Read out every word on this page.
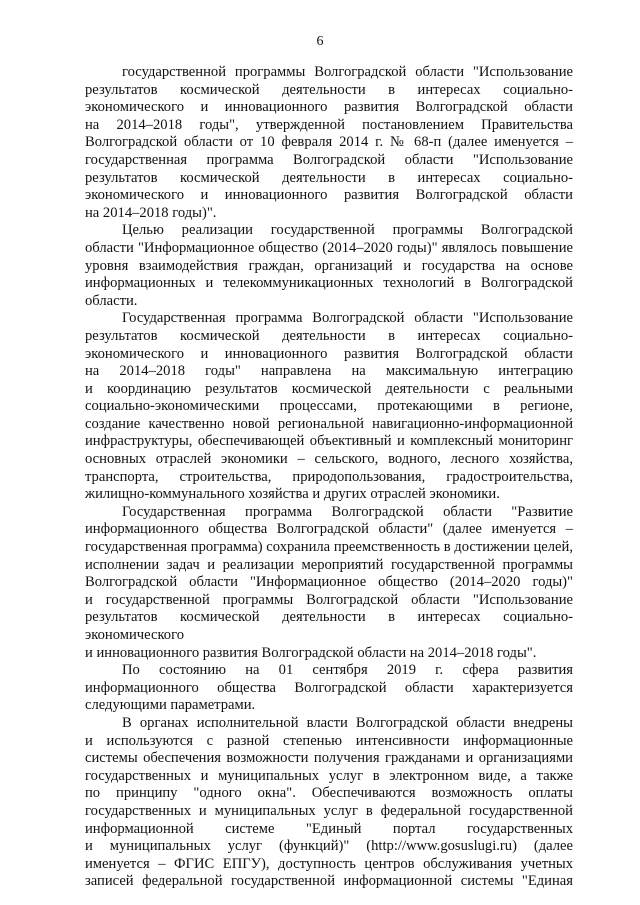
6

государственной программы Волгоградской области "Использование
результатов космической деятельности в интересах социально-
экономического и инновационного развития Волгоградской области
на 2014–2018 годы", утвержденной постановлением Правительства
Волгоградской области от 10 февраля 2014 г. № 68-п (далее именуется –
государственная программа Волгоградской области "Использование
результатов космической деятельности в интересах социально-
экономического и инновационного развития Волгоградской области
на 2014–2018 годы)".

Целью реализации государственной программы Волгоградской
области "Информационное общество (2014–2020 годы)" являлось повышение
уровня взаимодействия граждан, организаций и государства на основе
информационных и телекоммуникационных технологий в Волгоградской
области.

Государственная программа Волгоградской области "Использование
результатов космической деятельности в интересах социально-
экономического и инновационного развития Волгоградской области
на 2014–2018 годы" направлена на максимальную интеграцию
и координацию результатов космической деятельности с реальными
социально-экономическими процессами, протекающими в регионе,
создание качественно новой региональной навигационно-информационной
инфраструктуры, обеспечивающей объективный и комплексный мониторинг
основных отраслей экономики – сельского, водного, лесного хозяйства,
транспорта, строительства, природопользования, градостроительства,
жилищно-коммунального хозяйства и других отраслей экономики.

Государственная программа Волгоградской области "Развитие
информационного общества Волгоградской области" (далее именуется –
государственная программа) сохранила преемственность в достижении целей,
исполнении задач и реализации мероприятий государственной программы
Волгоградской области "Информационное общество (2014–2020 годы)"
и государственной программы Волгоградской области "Использование
результатов космической деятельности в интересах социально-экономического
и инновационного развития Волгоградской области на 2014–2018 годы".

По состоянию на 01 сентября 2019 г. сфера развития
информационного общества Волгоградской области характеризуется
следующими параметрами.

В органах исполнительной власти Волгоградской области внедрены
и используются с разной степенью интенсивности информационные
системы обеспечения возможности получения гражданами и организациями
государственных и муниципальных услуг в электронном виде, а также
по принципу "одного окна". Обеспечиваются возможность оплаты
государственных и муниципальных услуг в федеральной государственной
информационной системе "Единый портал государственных
и муниципальных услуг (функций)" (http://www.gosuslugi.ru) (далее
именуется – ФГИС ЕПГУ), доступность центров обслуживания учетных
записей федеральной государственной информационной системы "Единая
